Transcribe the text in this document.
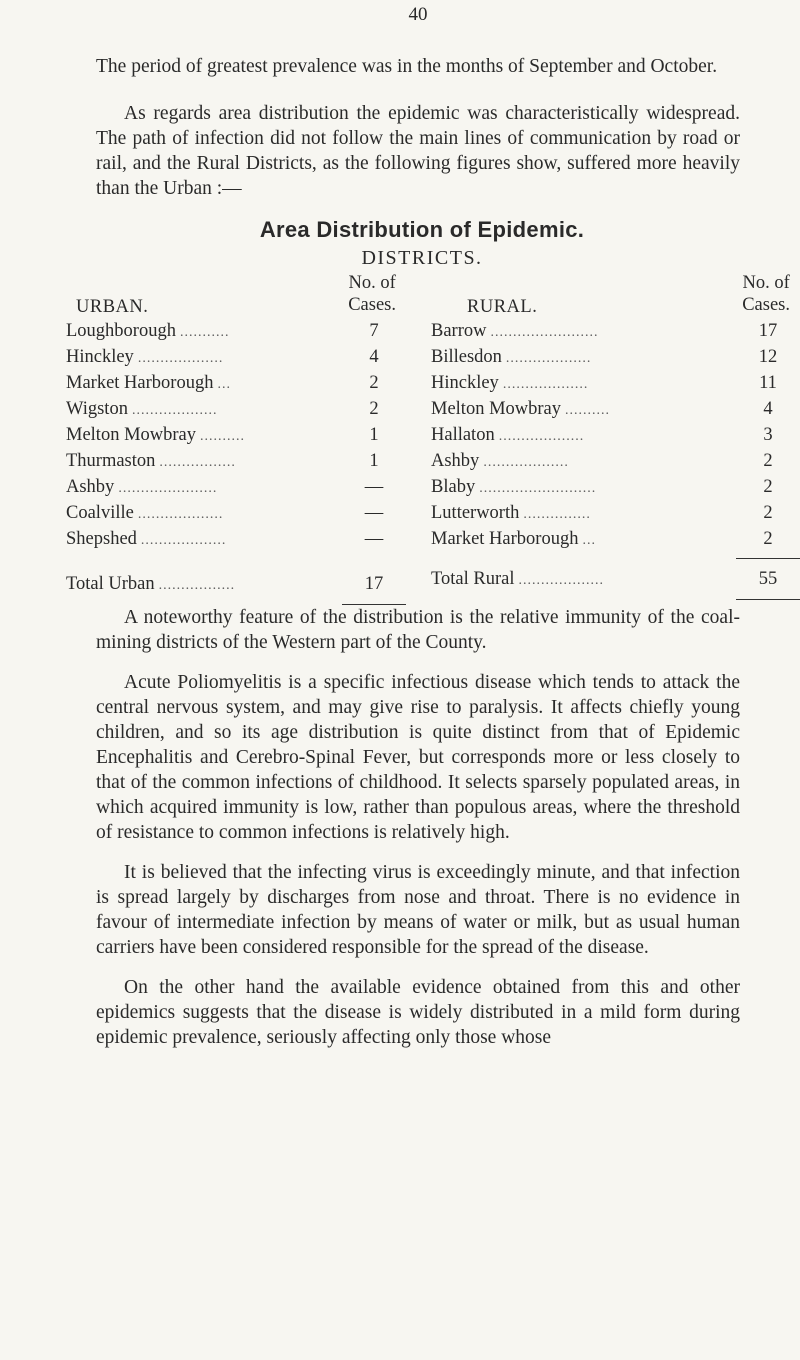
40

The period of greatest prevalence was in the months of September and October.

As regards area distribution the epidemic was characteristically widespread. The path of infection did not follow the main lines of communication by road or rail, and the Rural Districts, as the following figures show, suffered more heavily than the Urban :—

Area Distribution of Epidemic.
DISTRICTS.
URBAN.
No. of
Cases.
Loughborough ...........	7
Hinckley ...................	4
Market Harborough ...	2
Wigston ...................	2
Melton Mowbray ..........	1
Thurmaston .................	1
Ashby ......................	—
Coalville ...................	—
Shepshed ...................	—
Total Urban .................	17
RURAL.
No. of
Cases.
Barrow ........................	17
Billesdon ...................	12
Hinckley ...................	11
Melton Mowbray ..........	4
Hallaton ...................	3
Ashby ...................	2
Blaby ..........................	2
Lutterworth ...............	2
Market Harborough ...	2
Total Rural ...................	55

A noteworthy feature of the distribution is the relative immunity of the coal-mining districts of the Western part of the County.

Acute Poliomyelitis is a specific infectious disease which tends to attack the central nervous system, and may give rise to paralysis. It affects chiefly young children, and so its age distribution is quite distinct from that of Epidemic Encephalitis and Cerebro-Spinal Fever, but corresponds more or less closely to that of the common infections of childhood. It selects sparsely populated areas, in which acquired immunity is low, rather than populous areas, where the threshold of resistance to common infections is relatively high.

It is believed that the infecting virus is exceedingly minute, and that infection is spread largely by discharges from nose and throat. There is no evidence in favour of intermediate infection by means of water or milk, but as usual human carriers have been considered responsible for the spread of the disease.

On the other hand the available evidence obtained from this and other epidemics suggests that the disease is widely distributed in a mild form during epidemic prevalence, seriously affecting only those whose
